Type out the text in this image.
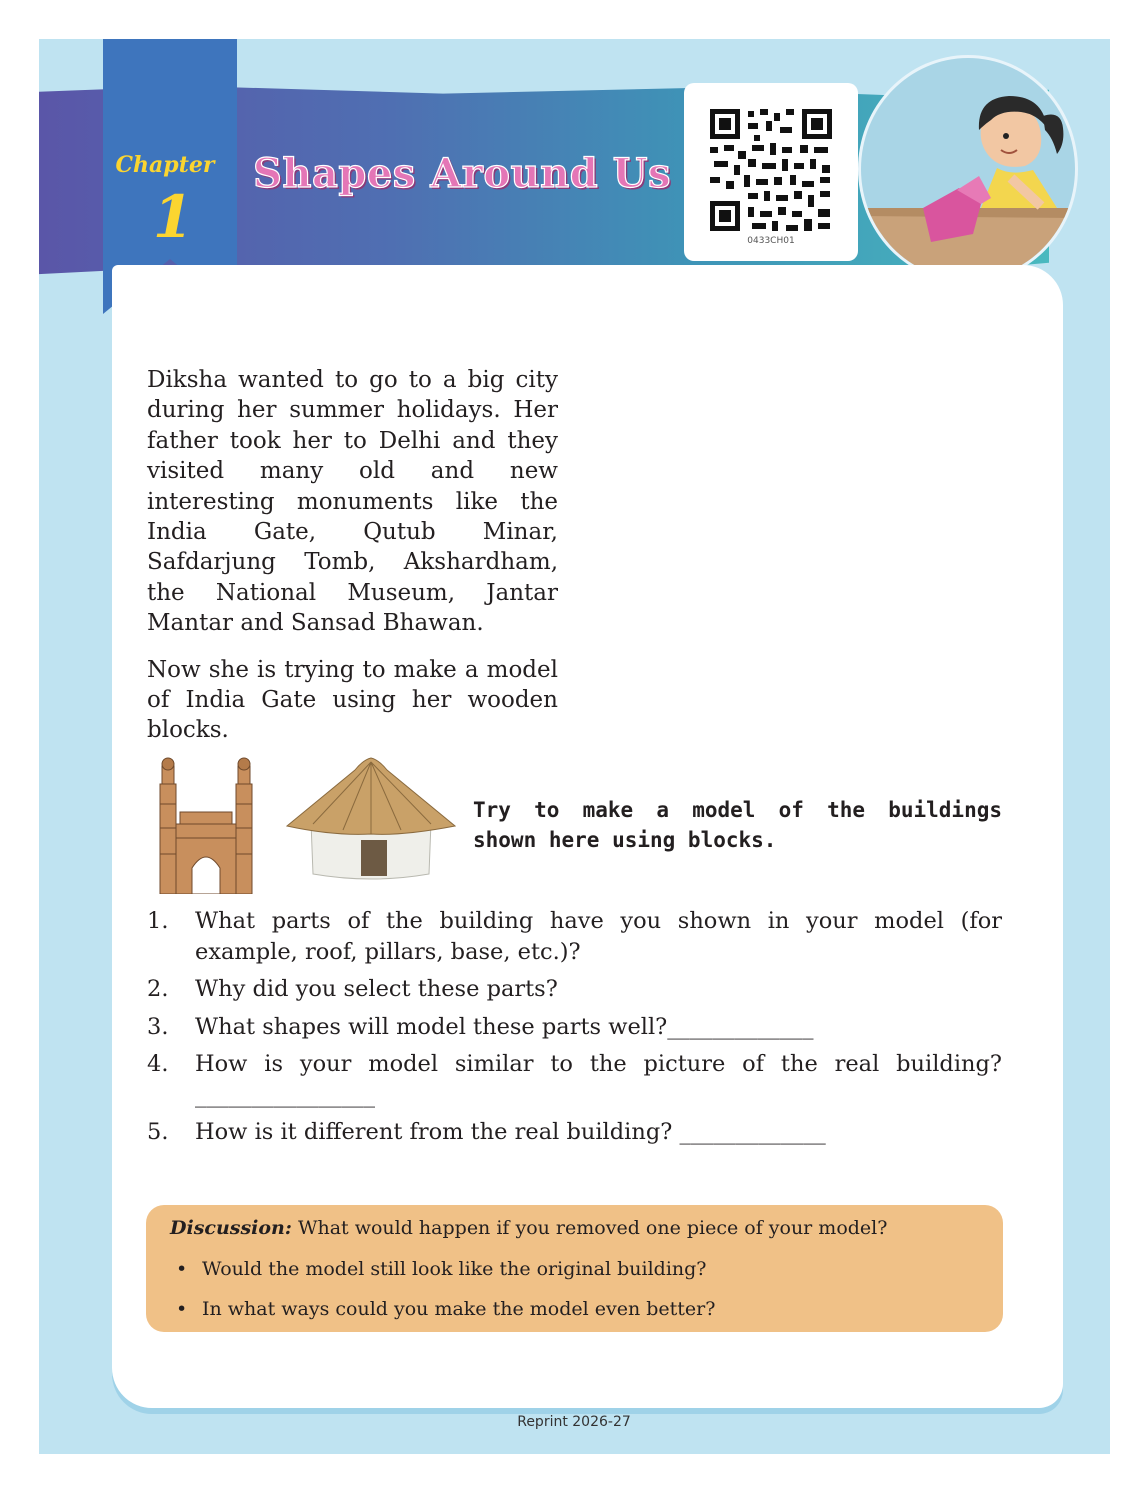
Chapter
1
Shapes Around Us
0433CH01

Diksha wanted to go to a big city during her summer holidays. Her father took her to Delhi and they visited many old and new interesting monuments like the India Gate, Qutub Minar, Safdarjung Tomb, Akshardham, the National Museum, Jantar Mantar and Sansad Bhawan.

Now she is trying to make a model of India Gate using her wooden blocks.

Try to make a model of the buildings shown here using blocks.
1.	What parts of the building have you shown in your model (for example, roof, pillars, base, etc.)?
2.	Why did you select these parts?
3.	What shapes will model these parts well?_____________
4.	How is your model similar to the picture of the real building? ________________
5.	How is it different from the real building? _____________
Discussion: What would happen if you removed one piece of your model?
• Would the model still look like the original building?
• In what ways could you make the model even better?
Reprint 2026-27
